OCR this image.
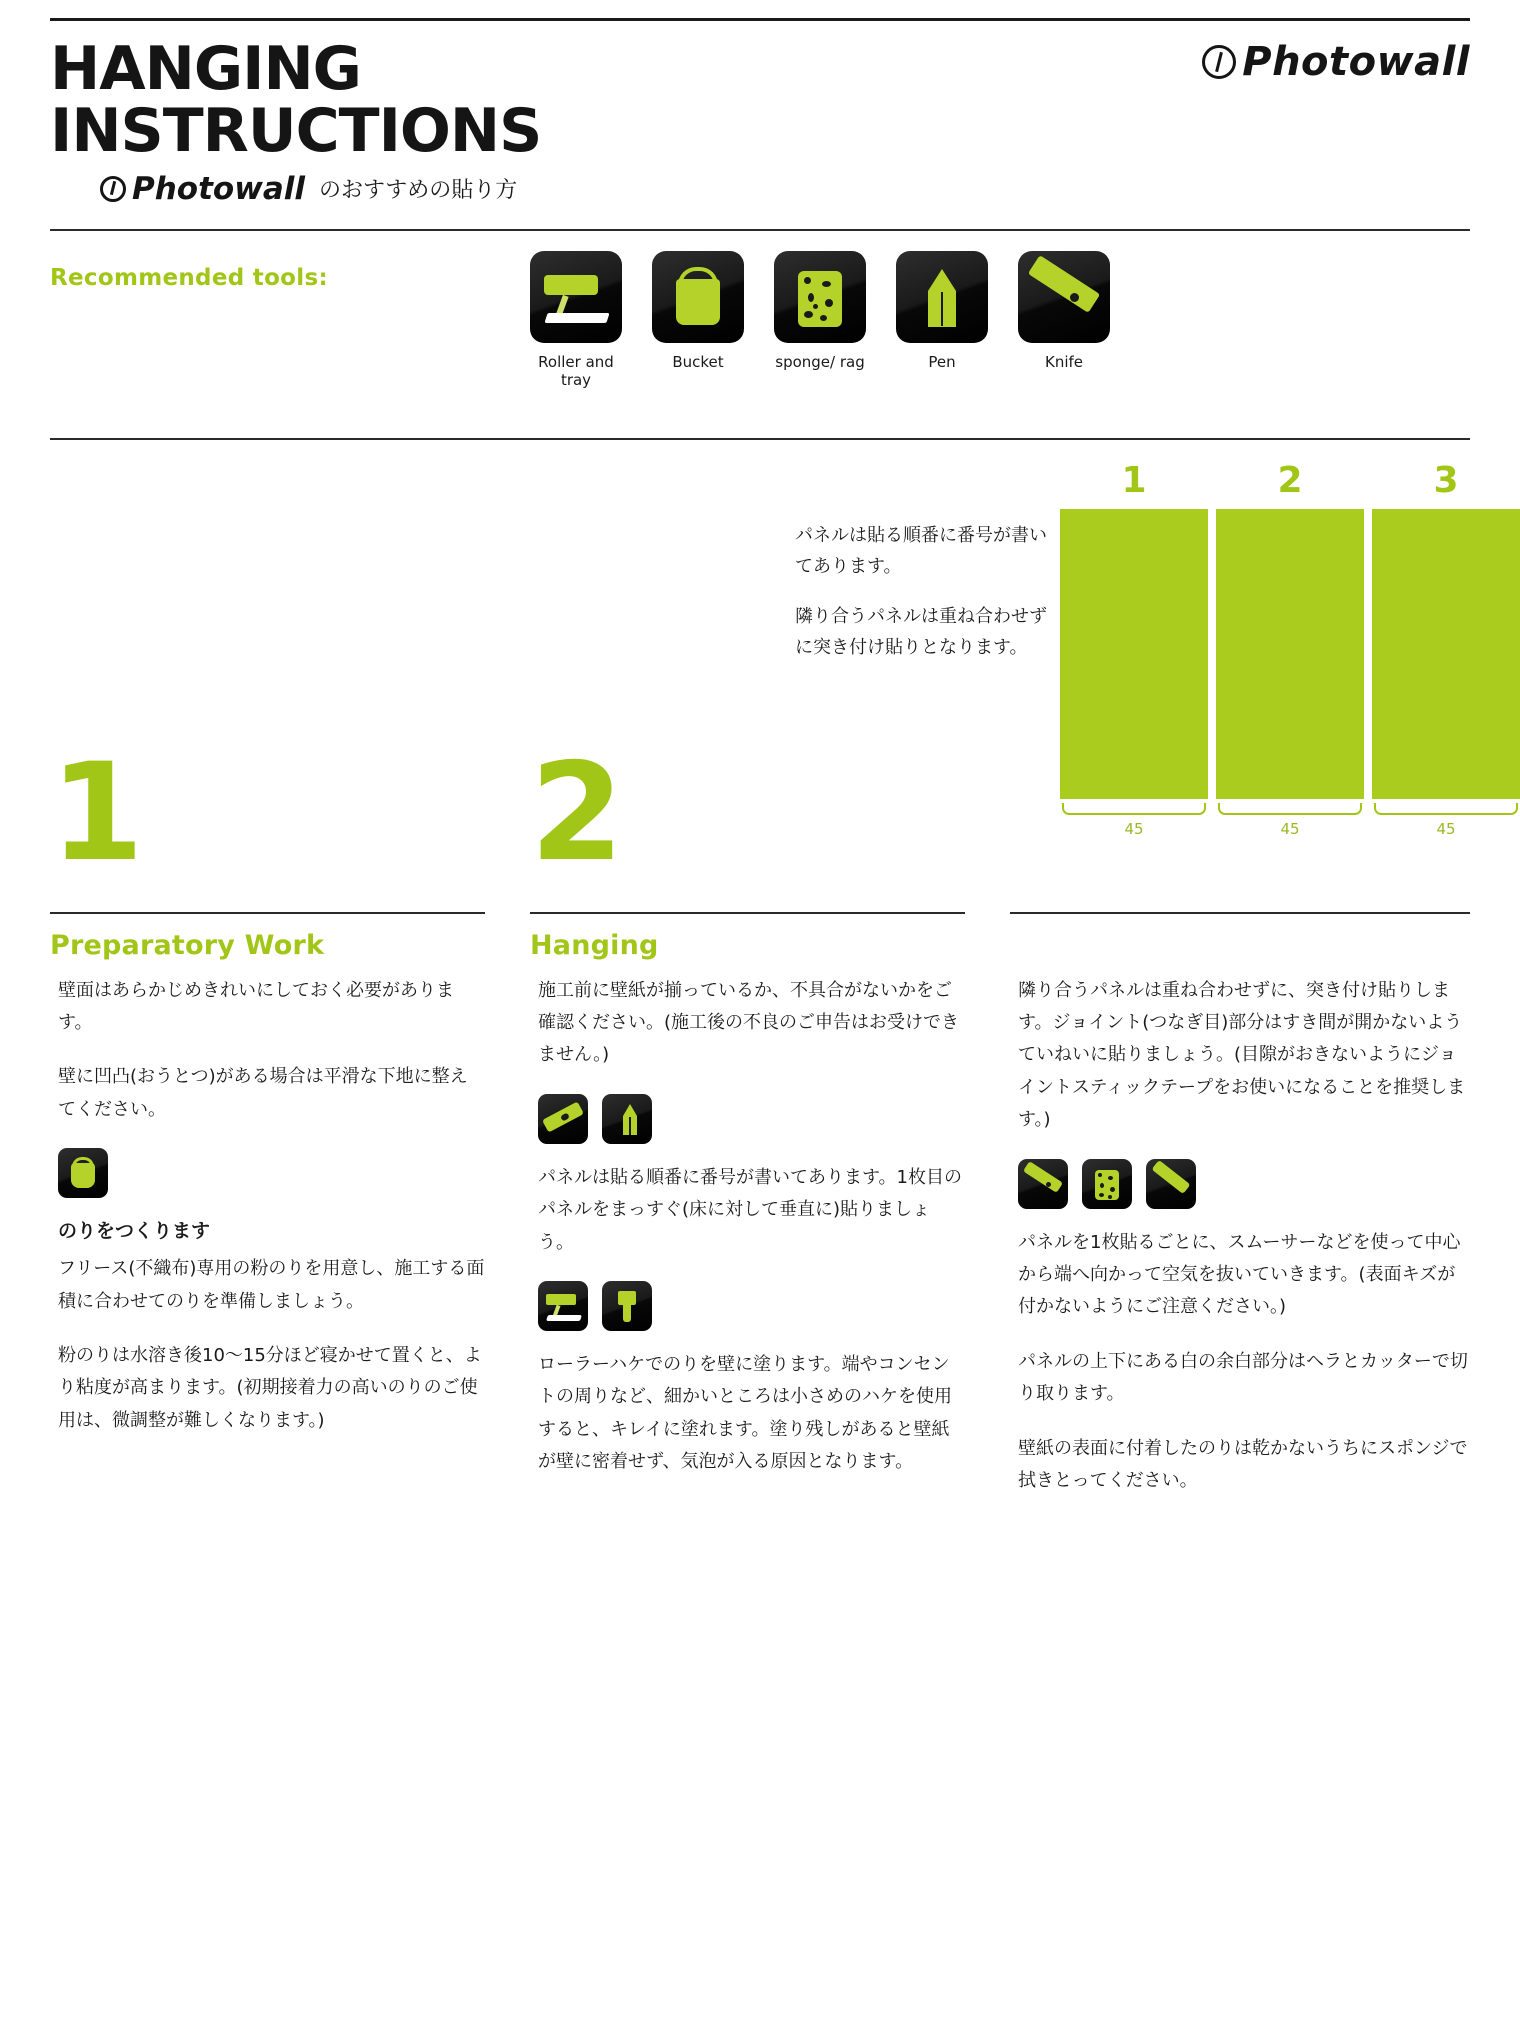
Photowall
HANGING
INSTRUCTIONS
Photowall のおすすめの貼り方
Recommended tools:
Roller and tray
Bucket	sponge/ rag	Pen	Knife
1	2

パネルは貼る順番に番号が書いてあります。

隣り合うパネルは重ね合わせずに突き付け貼りとなります。

1	2	3
45	45	45
Preparatory Work

壁面はあらかじめきれいにしておく必要があります。

壁に凹凸(おうとつ)がある場合は平滑な下地に整えてください。

のりをつくります

フリース(不織布)専用の粉のりを用意し、施工する面積に合わせてのりを準備しましょう。

粉のりは水溶き後10〜15分ほど寝かせて置くと、より粘度が高まります。(初期接着力の高いのりのご使用は、微調整が難しくなります。)

Hanging

施工前に壁紙が揃っているか、不具合がないかをご確認ください。(施工後の不良のご申告はお受けできません。)

パネルは貼る順番に番号が書いてあります。1枚目のパネルをまっすぐ(床に対して垂直に)貼りましょう。

ローラーハケでのりを壁に塗ります。端やコンセントの周りなど、細かいところは小さめのハケを使用すると、キレイに塗れます。塗り残しがあると壁紙が壁に密着せず、気泡が入る原因となります。

隣り合うパネルは重ね合わせずに、突き付け貼りします。ジョイント(つなぎ目)部分はすき間が開かないようていねいに貼りましょう。(目隙がおきないようにジョイントスティックテープをお使いになることを推奨します。)

パネルを1枚貼るごとに、スムーサーなどを使って中心から端へ向かって空気を抜いていきます。(表面キズが付かないようにご注意ください。)

パネルの上下にある白の余白部分はヘラとカッターで切り取ります。

壁紙の表面に付着したのりは乾かないうちにスポンジで拭きとってください。
